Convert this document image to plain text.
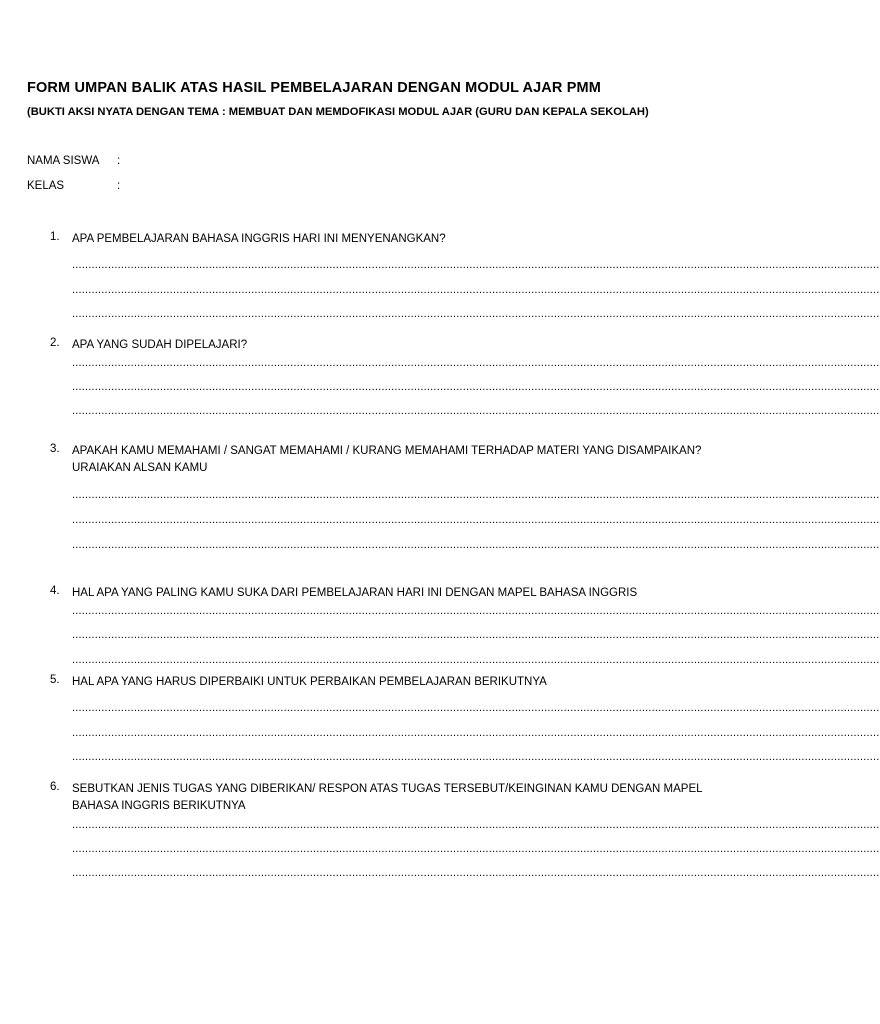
FORM UMPAN BALIK ATAS HASIL PEMBELAJARAN DENGAN MODUL AJAR PMM
(BUKTI AKSI NYATA DENGAN TEMA : MEMBUAT DAN MEMDOFIKASI MODUL AJAR (GURU DAN KEPALA SEKOLAH)
NAMA SISWA :
KELAS	:
1. APA PEMBELAJARAN BAHASA INGGRIS HARI INI MENYENANGKAN?
........................................................................................................................................................................................................................................................
........................................................................................................................................................................................................................................................
........................................................................................................................................................................................................................................................
2. APA YANG SUDAH DIPELAJARI?
........................................................................................................................................................................................................................................................
........................................................................................................................................................................................................................................................
........................................................................................................................................................................................................................................................
3. APAKAH KAMU MEMAHAMI / SANGAT MEMAHAMI / KURANG MEMAHAMI TERHADAP MATERI YANG DISAMPAIKAN? URAIAKAN ALSAN KAMU
........................................................................................................................................................................................................................................................
........................................................................................................................................................................................................................................................
........................................................................................................................................................................................................................................................
4. HAL APA YANG PALING KAMU SUKA DARI PEMBELAJARAN HARI INI DENGAN MAPEL BAHASA INGGRIS
........................................................................................................................................................................................................................................................
........................................................................................................................................................................................................................................................
........................................................................................................................................................................................................................................................
5. HAL APA YANG HARUS DIPERBAIKI UNTUK PERBAIKAN PEMBELAJARAN BERIKUTNYA
........................................................................................................................................................................................................................................................
........................................................................................................................................................................................................................................................
........................................................................................................................................................................................................................................................
6. SEBUTKAN JENIS TUGAS YANG DIBERIKAN/ RESPON ATAS TUGAS TERSEBUT/KEINGINAN KAMU DENGAN MAPEL BAHASA INGGRIS BERIKUTNYA
........................................................................................................................................................................................................................................................
........................................................................................................................................................................................................................................................
........................................................................................................................................................................................................................................................
